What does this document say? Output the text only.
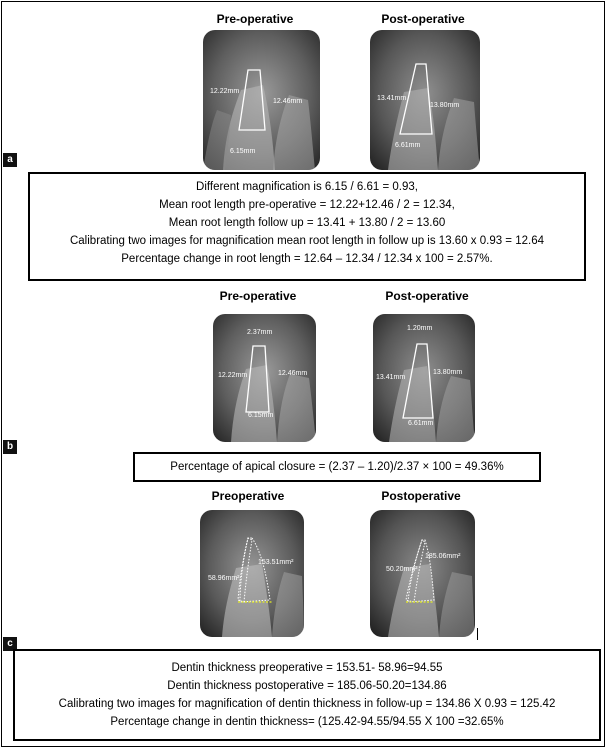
Pre-operative	Post-operative
12.22mm
12.46mm
6.15mm
13.41mm
13.80mm
6.61mm
a

Different magnification is 6.15 / 6.61 = 0.93,

Mean root length pre-operative = 12.22+12.46 / 2 = 12.34,

Mean root length follow up = 13.41 + 13.80 / 2 = 13.60

Calibrating two images for magnification mean root length in follow up is 13.60 x 0.93 = 12.64

Percentage change in root length = 12.64 – 12.34 / 12.34 x 100 = 2.57%.

Pre-operative	Post-operative
2.37mm
12.22mm	12.46mm
6.15mm
1.20mm
13.41mm
13.80mm
6.61mm
b

Percentage of apical closure = (2.37 – 1.20)/2.37 × 100 = 49.36%

Preoperative	Postoperative
58.96mm²
153.51mm²
50.20mm²
185.06mm²
c

Dentin thickness preoperative = 153.51- 58.96=94.55

Dentin thickness postoperative = 185.06-50.20=134.86

Calibrating two images for magnification of dentin thickness in follow-up = 134.86 X 0.93 = 125.42

Percentage change in dentin thickness= (125.42-94.55/94.55 X 100 =32.65%
